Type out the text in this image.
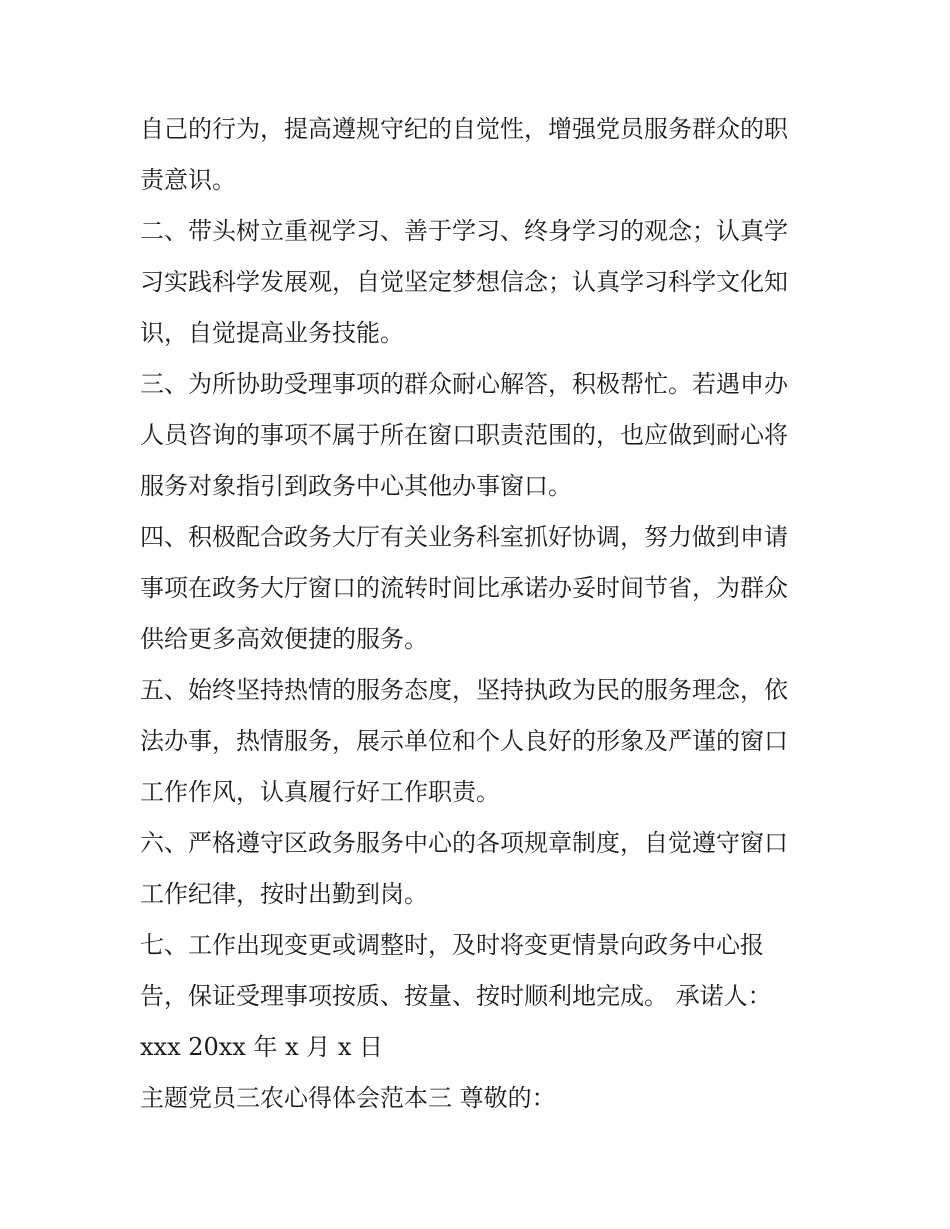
自己的行为，提高遵规守纪的自觉性，增强党员服务群众的职
责意识。
二、带头树立重视学习、善于学习、终身学习的观念；认真学
习实践科学发展观，自觉坚定梦想信念；认真学习科学文化知
识，自觉提高业务技能。
三、为所协助受理事项的群众耐心解答，积极帮忙。若遇申办
人员咨询的事项不属于所在窗口职责范围的，也应做到耐心将
服务对象指引到政务中心其他办事窗口。
四、积极配合政务大厅有关业务科室抓好协调，努力做到申请
事项在政务大厅窗口的流转时间比承诺办妥时间节省，为群众
供给更多高效便捷的服务。
五、始终坚持热情的服务态度，坚持执政为民的服务理念，依
法办事，热情服务，展示单位和个人良好的形象及严谨的窗口
工作作风，认真履行好工作职责。
六、严格遵守区政务服务中心的各项规章制度，自觉遵守窗口
工作纪律，按时出勤到岗。
七、工作出现变更或调整时，及时将变更情景向政务中心报
告，保证受理事项按质、按量、按时顺利地完成。 承诺人：
xxx 20xx 年 x 月 x 日
主题党员三农心得体会范本三 尊敬的：
